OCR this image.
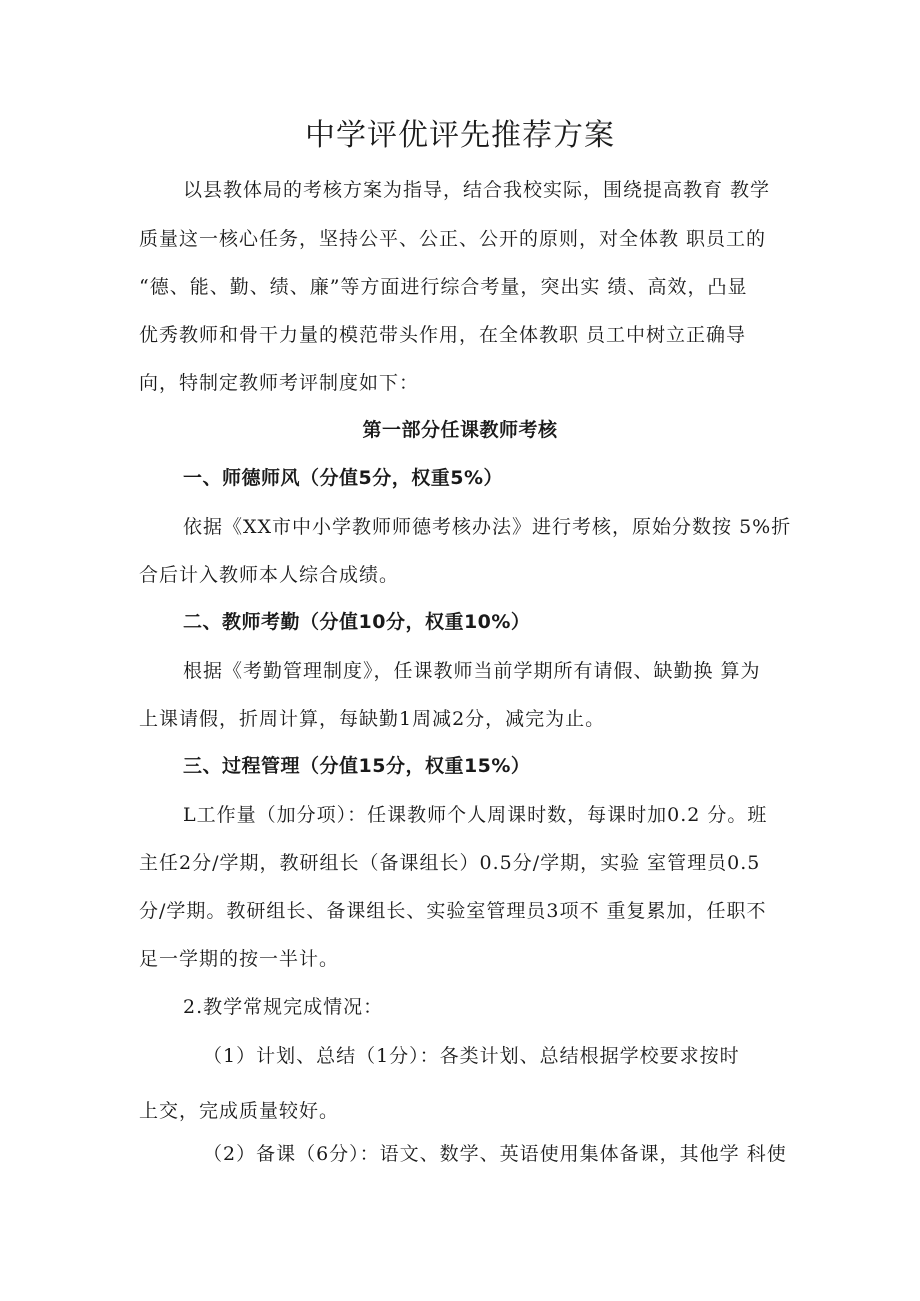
中学评优评先推荐方案
以县教体局的考核方案为指导，结合我校实际，围绕提高教育 教学
质量这一核心任务，坚持公平、公正、公开的原则，对全体教 职员工的
“德、能、勤、绩、廉”等方面进行综合考量，突出实 绩、高效，凸显
优秀教师和骨干力量的模范带头作用，在全体教职 员工中树立正确导
向，特制定教师考评制度如下：
第一部分任课教师考核
一、师德师风（分值5分，权重5%）
依据《XX市中小学教师师德考核办法》进行考核，原始分数按 5%折
合后计入教师本人综合成绩。
二、教师考勤（分值10分，权重10%）
根据《考勤管理制度》，任课教师当前学期所有请假、缺勤换 算为
上课请假，折周计算，每缺勤1周减2分，减完为止。
三、过程管理（分值15分，权重15%）
L工作量（加分项）：任课教师个人周课时数，每课时加0.2 分。班
主任2分/学期，教研组长（备课组长）0.5分/学期，实验 室管理员0.5
分/学期。教研组长、备课组长、实验室管理员3项不 重复累加，任职不
足一学期的按一半计。
2.教学常规完成情况：
（1）计划、总结（1分）：各类计划、总结根据学校要求按时
上交，完成质量较好。
（2）备课（6分）：语文、数学、英语使用集体备课，其他学 科使
